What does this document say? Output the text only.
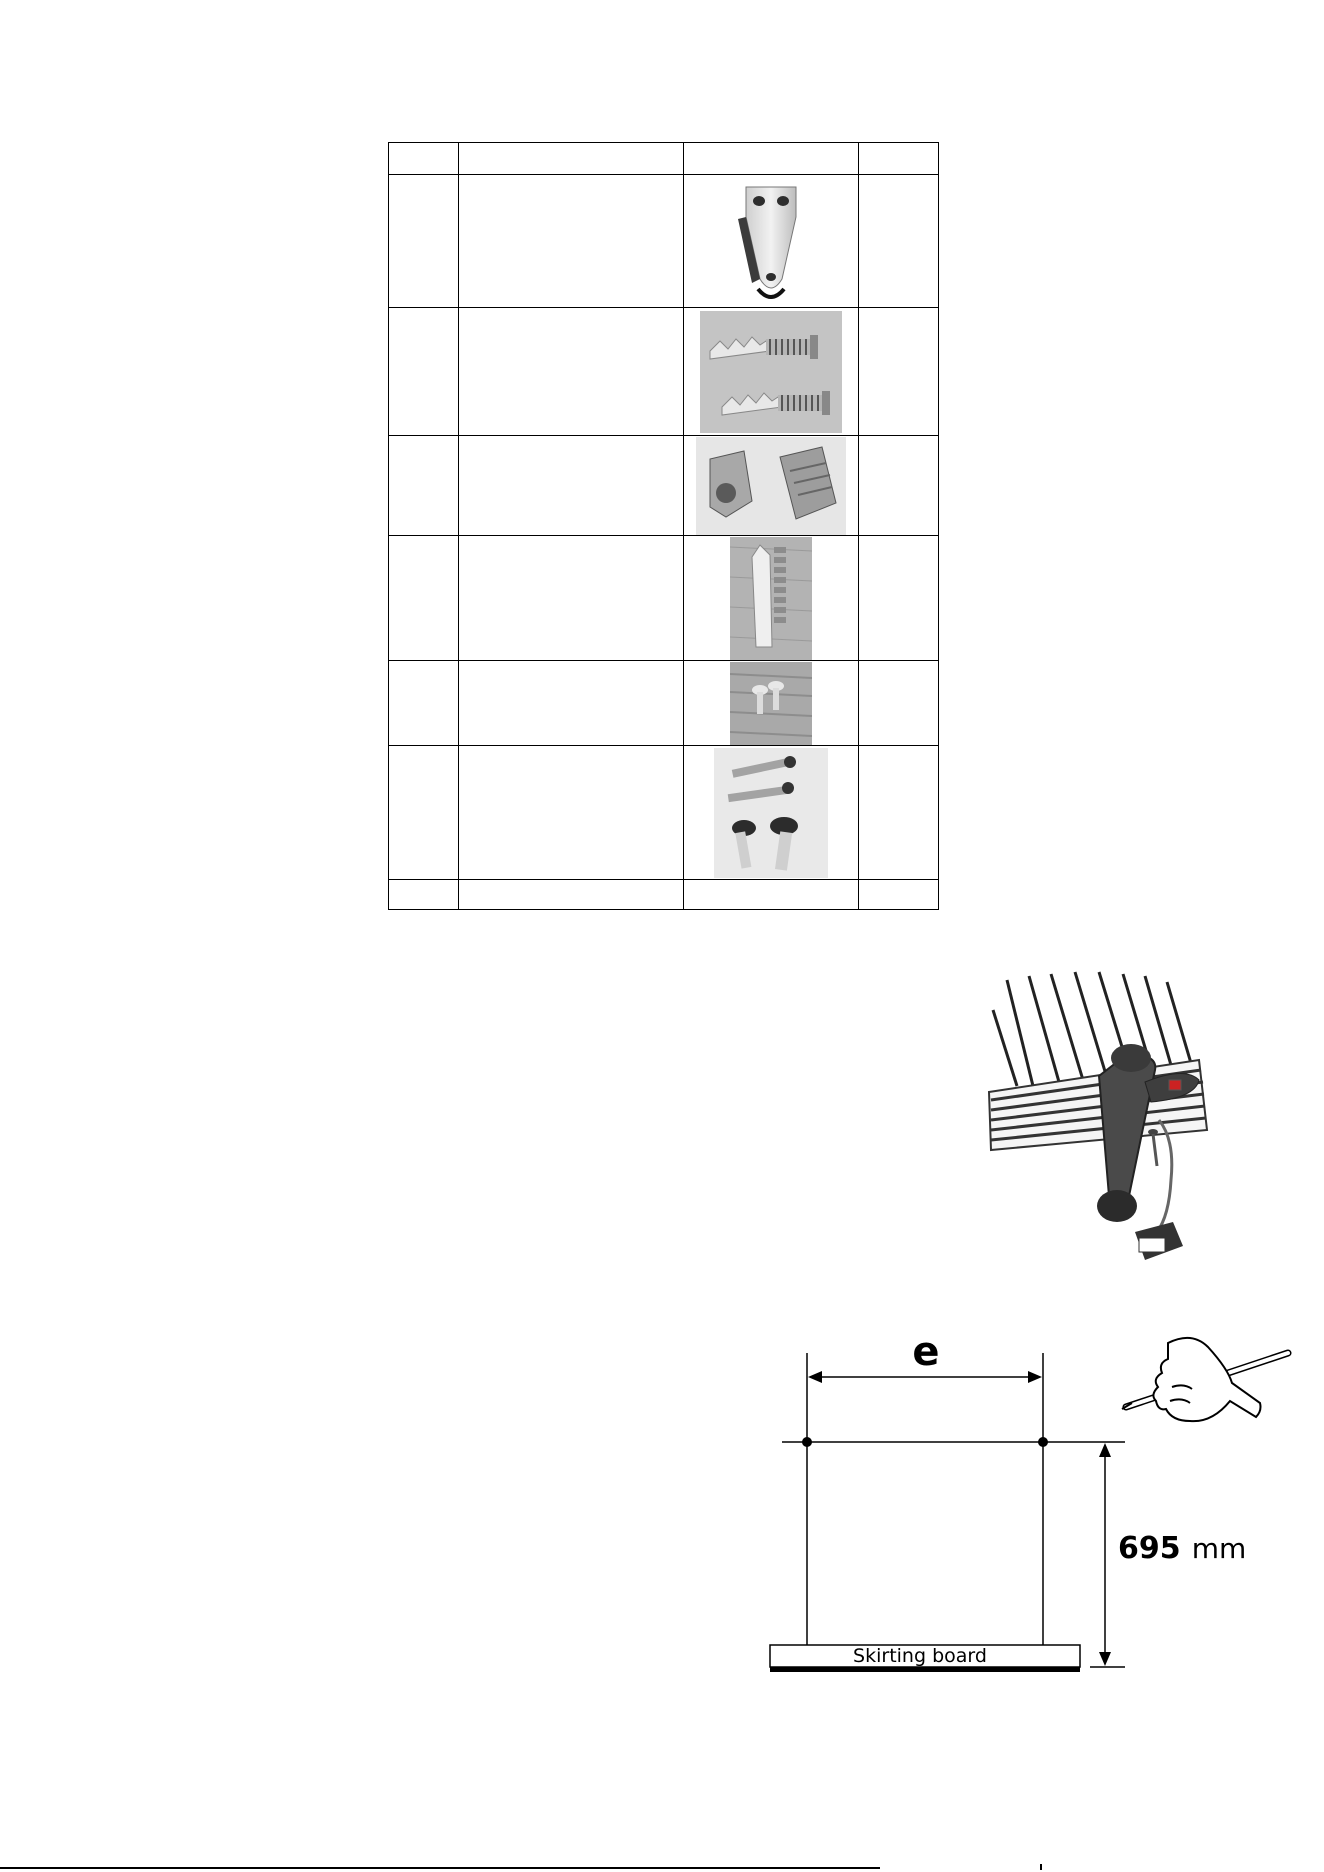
e
695 mm
Skirting board
